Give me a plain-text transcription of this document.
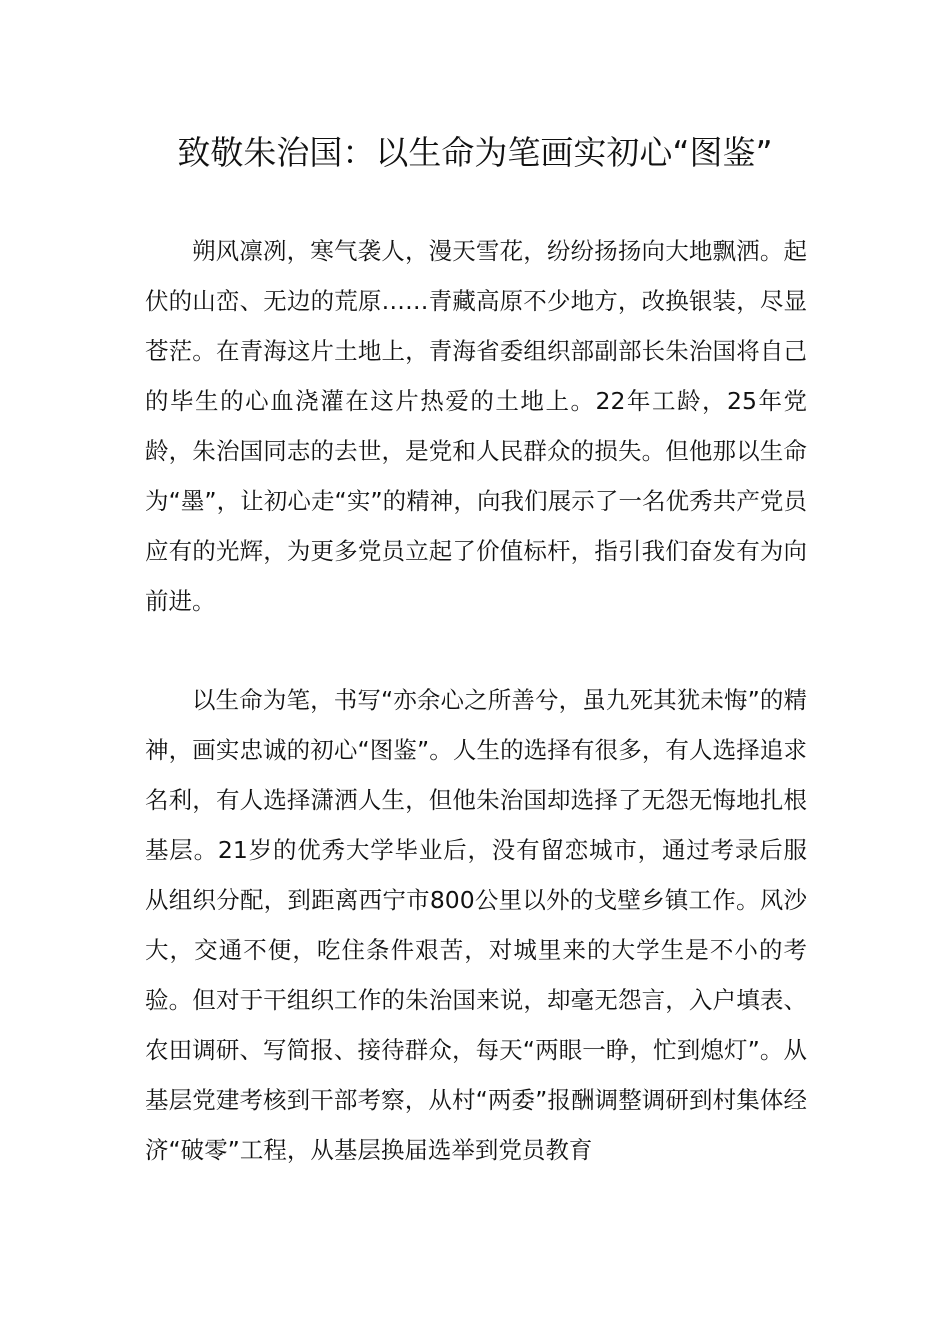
致敬朱治国：以生命为笔画实初心“图鉴”

朔风凛冽，寒气袭人，漫天雪花，纷纷扬扬向大地飘洒。起伏的山峦、无边的荒原……青藏高原不少地方，改换银装，尽显苍茫。在青海这片土地上，青海省委组织部副部长朱治国将自己的毕生的心血浇灌在这片热爱的土地上。22年工龄，25年党龄，朱治国同志的去世，是党和人民群众的损失。但他那以生命为“墨”，让初心走“实”的精神，向我们展示了一名优秀共产党员应有的光辉，为更多党员立起了价值标杆，指引我们奋发有为向前进。

以生命为笔，书写“亦余心之所善兮，虽九死其犹未悔”的精神，画实忠诚的初心“图鉴”。人生的选择有很多，有人选择追求名利，有人选择潇洒人生，但他朱治国却选择了无怨无悔地扎根基层。21岁的优秀大学毕业后，没有留恋城市，通过考录后服从组织分配，到距离西宁市800公里以外的戈壁乡镇工作。风沙大，交通不便，吃住条件艰苦，对城里来的大学生是不小的考验。但对于干组织工作的朱治国来说，却毫无怨言，入户填表、农田调研、写简报、接待群众，每天“两眼一睁，忙到熄灯”。从基层党建考核到干部考察，从村“两委”报酬调整调研到村集体经济“破零”工程，从基层换届选举到党员教育
